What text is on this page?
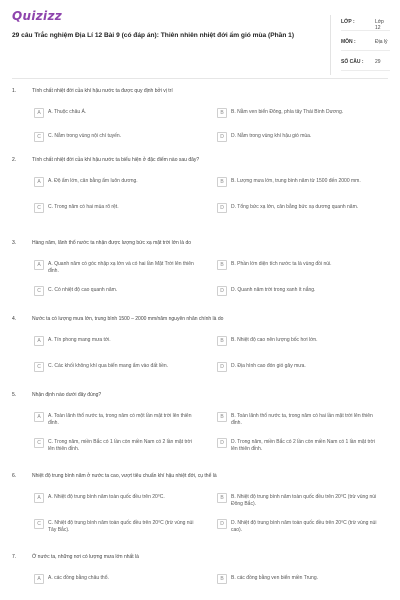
Quizizz
29 câu Trắc nghiệm Địa Lí 12 Bài 9 (có đáp án): Thiên nhiên nhiệt đới ẩm gió mùa (Phần 1)
LỚP :	Lớp 12
MÔN :	Địa lý
SỐ CÂU : 29
1.	Tính chất nhiệt đới của khí hậu nước ta được quy định bởi vị trí
A	A. Thuộc châu Á.	B	B. Nằm ven biển Đông, phía tây Thái Bình Dương.
C	C. Nằm trong vùng nội chí tuyến.	D	D. Nằm trong vùng khí hậu gió mùa.
2.	Tính chất nhiệt đới của khí hậu nước ta biểu hiện ở đặc điểm nào sau đây?
A	A. Độ ẩm lớn, cân bằng ẩm luôn dương.	B	B. Lượng mưa lớn, trung bình năm từ 1500 đến 2000 mm.
C	C. Trong năm có hai mùa rõ rệt.	D	D. Tổng bức xạ lớn, cân bằng bức xạ dương quanh năm.
3.	Hàng năm, lãnh thổ nước ta nhận được lượng bức xạ mặt trời lớn là do
A	A. Quanh năm có góc nhập xạ lớn và có hai lần Mặt Trời lên thiên đỉnh.
B	B. Phần lớn diện tích nước ta là vùng đồi núi.
C	C. Có nhiệt độ cao quanh năm.	D	D. Quanh năm trời trong xanh ít nắng.
4.	Nước ta có lượng mưa lớn, trung bình 1500 – 2000 mm/năm nguyên nhân chính là do
A	A. Tín phong mang mưa tới.	B	B. Nhiệt độ cao nên lượng bốc hơi lớn.
C	C. Các khối không khí qua biển mang ẩm vào đất liền.	D	D. Địa hình cao đón gió gây mưa.
5.	Nhận định nào dưới đây đúng?
A	A. Toàn lãnh thổ nước ta, trong năm có một lần mặt trời lên thiên đỉnh.
B	B. Toàn lãnh thổ nước ta, trong năm có hai lần mặt trời lên thiên đỉnh.
C	C. Trong năm, miền Bắc có 1 lần còn miền Nam có 2 lần mặt trời lên thiên đỉnh.
D	D. Trong năm, miền Bắc có 2 lần còn miền Nam có 1 lần mặt trời lên thiên đỉnh.
6.	Nhiệt độ trung bình năm ở nước ta cao, vượt tiêu chuẩn khí hậu nhiệt đới, cụ thể là
A	A. Nhiệt độ trung bình năm toàn quốc đều trên 20⁰C.	B	B. Nhiệt độ trung bình năm toàn quốc đều trên 20⁰C (trừ vùng núi Đông Bắc).
C	C. Nhiệt độ trung bình năm toàn quốc đều trên 20⁰C (trừ vùng núi Tây Bắc).
D	D. Nhiệt độ trung bình năm toàn quốc đều trên 20⁰C (trừ vùng núi cao).
7.	Ở nước ta, những nơi có lượng mưa lớn nhất là
A	A. các đồng bằng châu thổ.	B	B. các đồng bằng ven biển miền Trung.
